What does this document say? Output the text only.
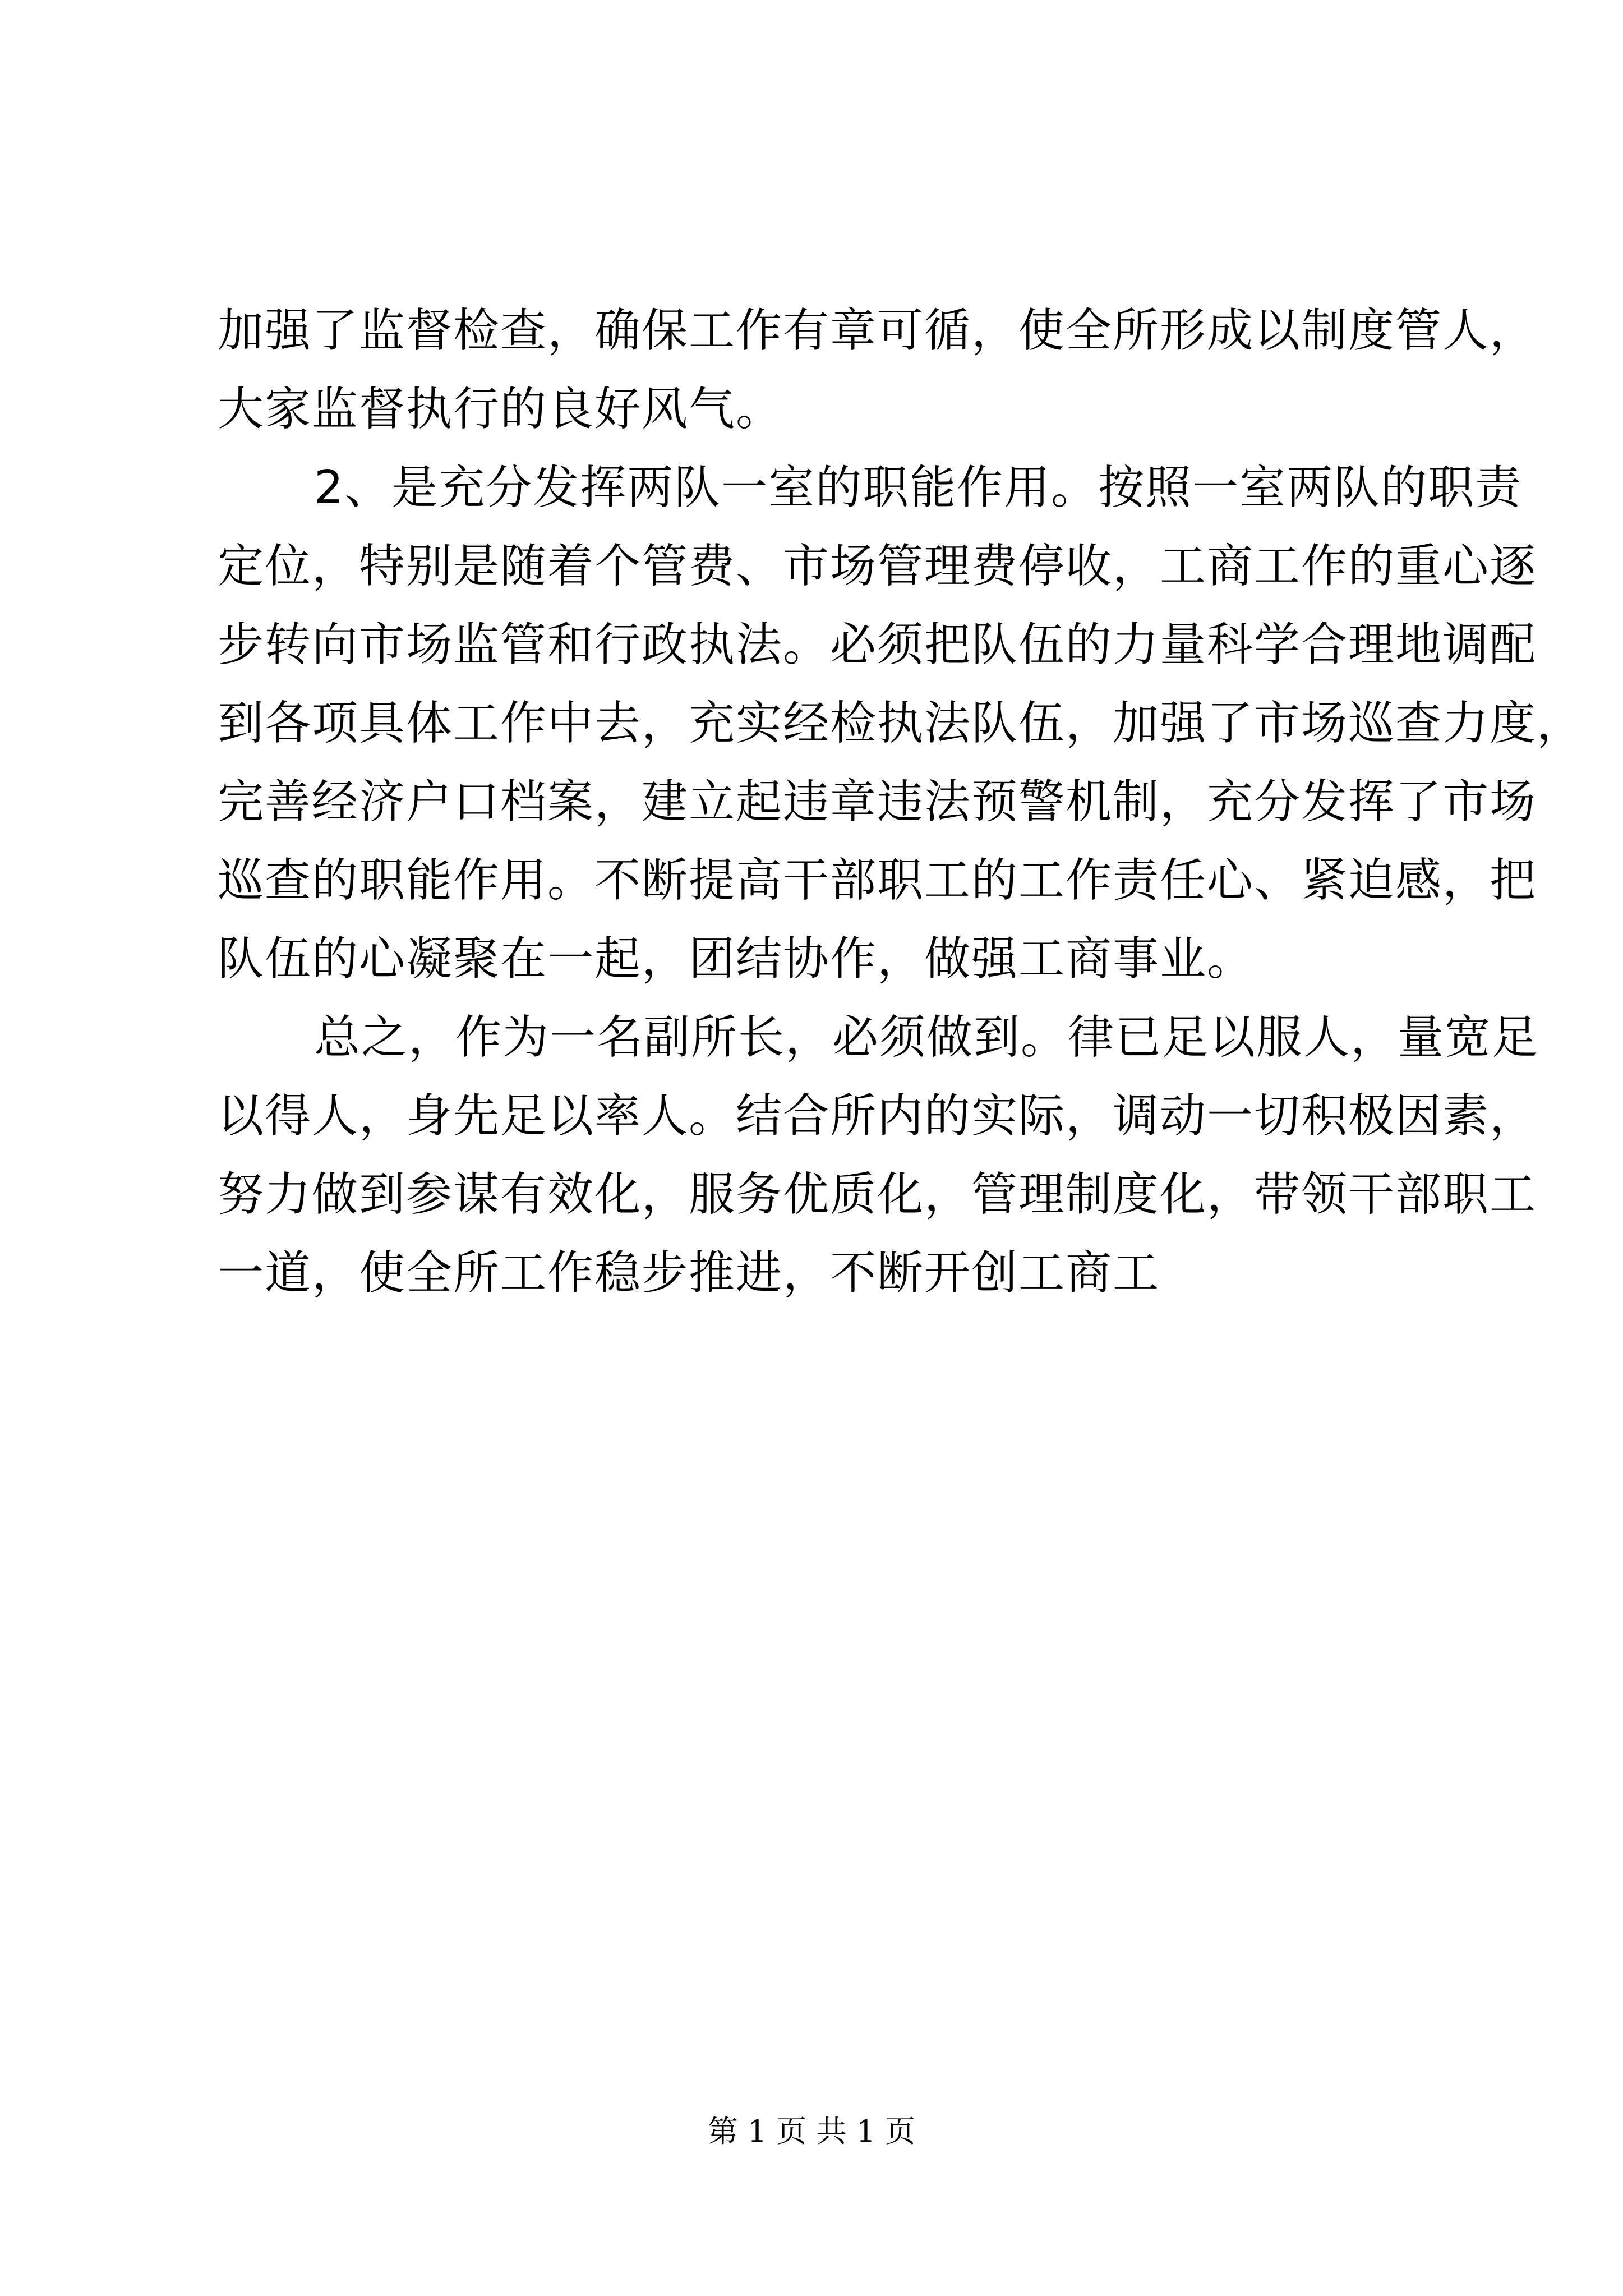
加强了监督检查，确保工作有章可循，使全所形成以制度管人，
大家监督执行的良好风气。
2、是充分发挥两队一室的职能作用。按照一室两队的职责
定位，特别是随着个管费、市场管理费停收，工商工作的重心逐
步转向市场监管和行政执法。必须把队伍的力量科学合理地调配
到各项具体工作中去，充实经检执法队伍，加强了市场巡查力度，
完善经济户口档案，建立起违章违法预警机制，充分发挥了市场
巡查的职能作用。不断提高干部职工的工作责任心、紧迫感，把
队伍的心凝聚在一起，团结协作，做强工商事业。
总之，作为一名副所长，必须做到。律已足以服人，量宽足
以得人，身先足以率人。结合所内的实际，调动一切积极因素，
努力做到参谋有效化，服务优质化，管理制度化，带领干部职工
一道，使全所工作稳步推进，不断开创工商工
第 1 页 共 1 页
